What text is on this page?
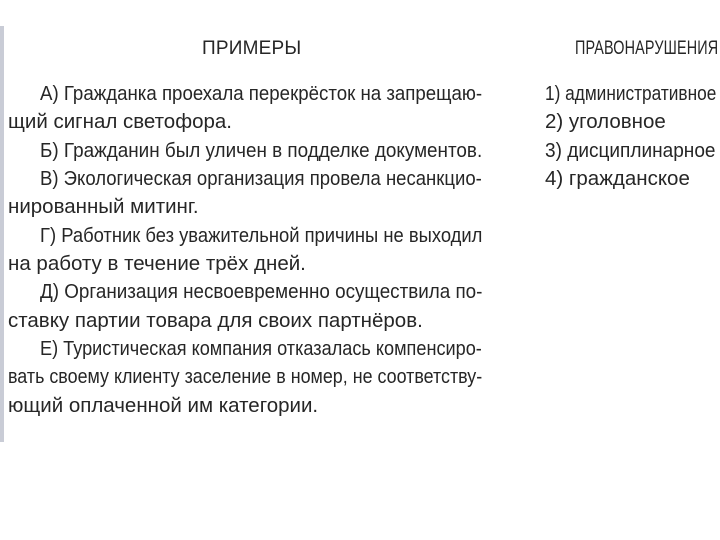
ПРИМЕРЫ	ПРАВОНАРУШЕНИЯ
А) Гражданка проехала перекрёсток на запрещаю-
щий сигнал светофора.
Б) Гражданин был уличен в подделке документов.
В) Экологическая организация провела несанкцио-
нированный митинг.
Г) Работник без уважительной причины не выходил
на работу в течение трёх дней.
Д) Организация несвоевременно осуществила по-
ставку партии товара для своих партнёров.
Е) Туристическая компания отказалась компенсиро-
вать своему клиенту заселение в номер, не соответству-
ющий оплаченной им категории.
1) административное
2) уголовное
3) дисциплинарное
4) гражданское
